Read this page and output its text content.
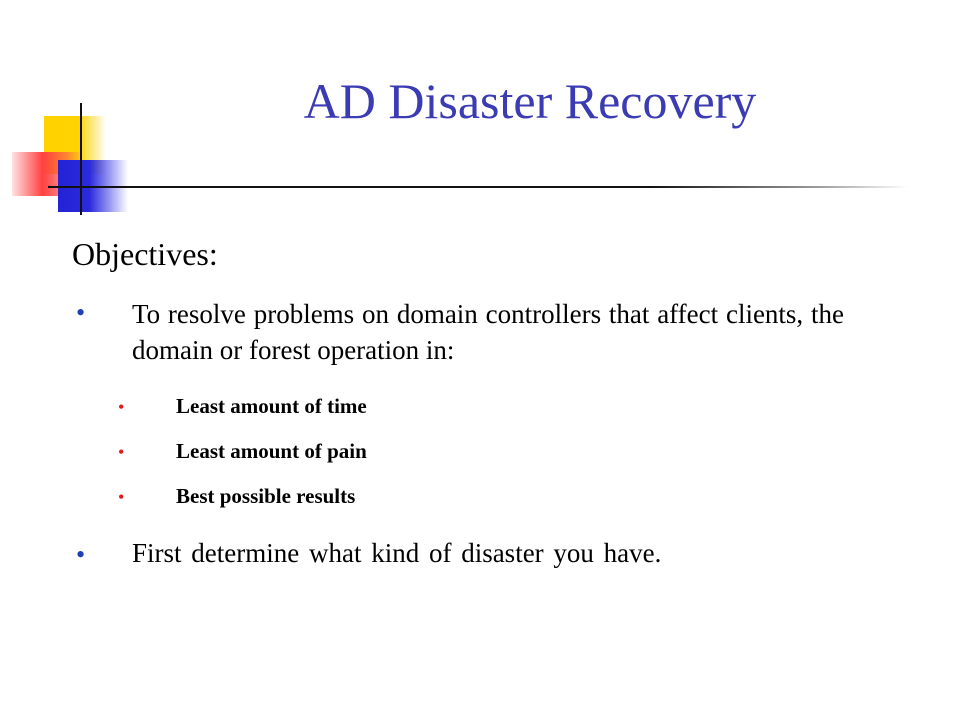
AD Disaster Recovery
Objectives:
• To resolve problems on domain controllers that affect clients, the domain or forest operation in:
• Least amount of time
• Least amount of pain
• Best possible results
• First determine what kind of disaster you have.
